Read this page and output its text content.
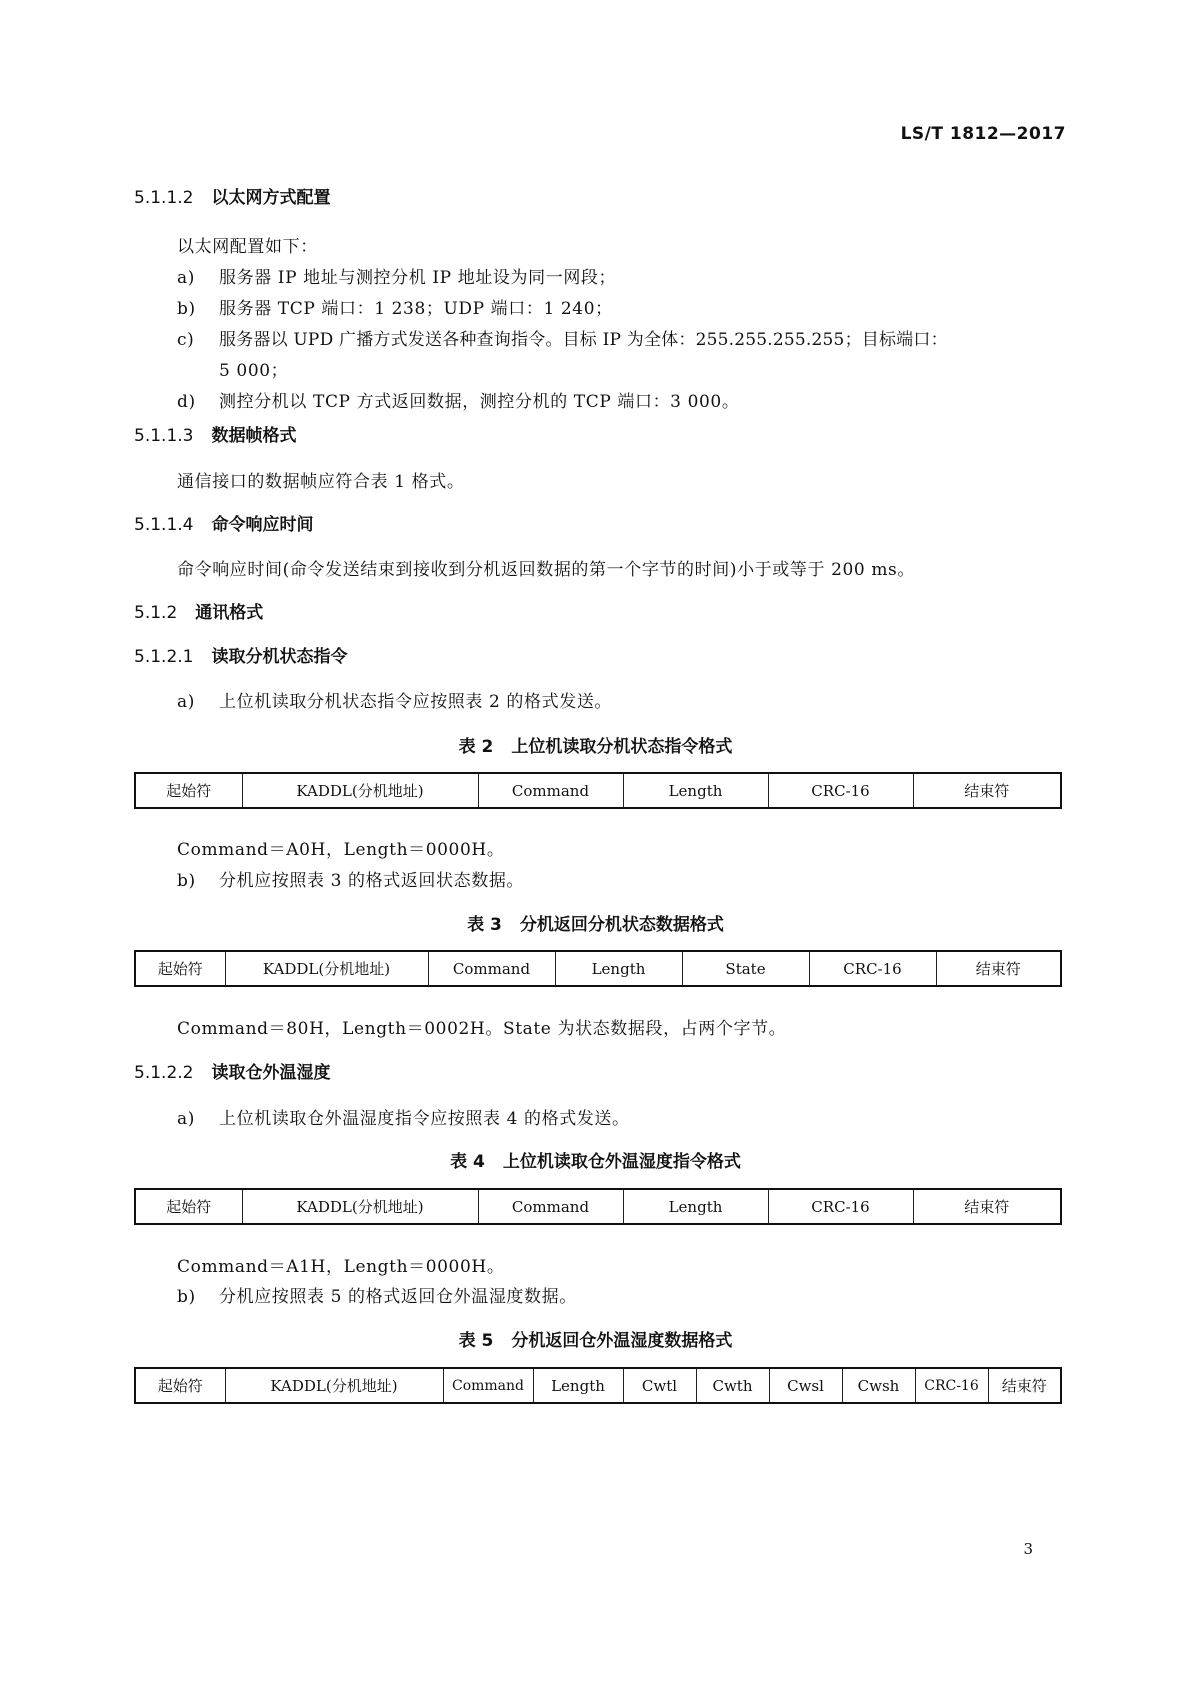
LS/T 1812—2017
5.1.1.2 以太网方式配置
以太网配置如下：
a) 服务器 IP 地址与测控分机 IP 地址设为同一网段；
b) 服务器 TCP 端口：1 238；UDP 端口：1 240；
c) 服务器以 UPD 广播方式发送各种查询指令。目标 IP 为全体：255.255.255.255；目标端口：
5 000；
d) 测控分机以 TCP 方式返回数据，测控分机的 TCP 端口：3 000。
5.1.1.3 数据帧格式
通信接口的数据帧应符合表 1 格式。
5.1.1.4 命令响应时间
命令响应时间(命令发送结束到接收到分机返回数据的第一个字节的时间)小于或等于 200 ms。
5.1.2 通讯格式
5.1.2.1 读取分机状态指令
a) 上位机读取分机状态指令应按照表 2 的格式发送。
表 2 上位机读取分机状态指令格式
起始符	KADDL(分机地址)	Command	Length	CRC-16	结束符
Command＝A0H，Length＝0000H。
b) 分机应按照表 3 的格式返回状态数据。
表 3 分机返回分机状态数据格式
起始符	KADDL(分机地址)	Command	Length	State	CRC-16	结束符
Command＝80H，Length＝0002H。State 为状态数据段，占两个字节。
5.1.2.2 读取仓外温湿度
a) 上位机读取仓外温湿度指令应按照表 4 的格式发送。
表 4 上位机读取仓外温湿度指令格式
起始符	KADDL(分机地址)	Command	Length	CRC-16	结束符
Command＝A1H，Length＝0000H。
b) 分机应按照表 5 的格式返回仓外温湿度数据。
表 5 分机返回仓外温湿度数据格式
起始符	KADDL(分机地址)	Command	Length	Cwtl	Cwth	Cwsl	Cwsh	CRC-16	结束符
3
